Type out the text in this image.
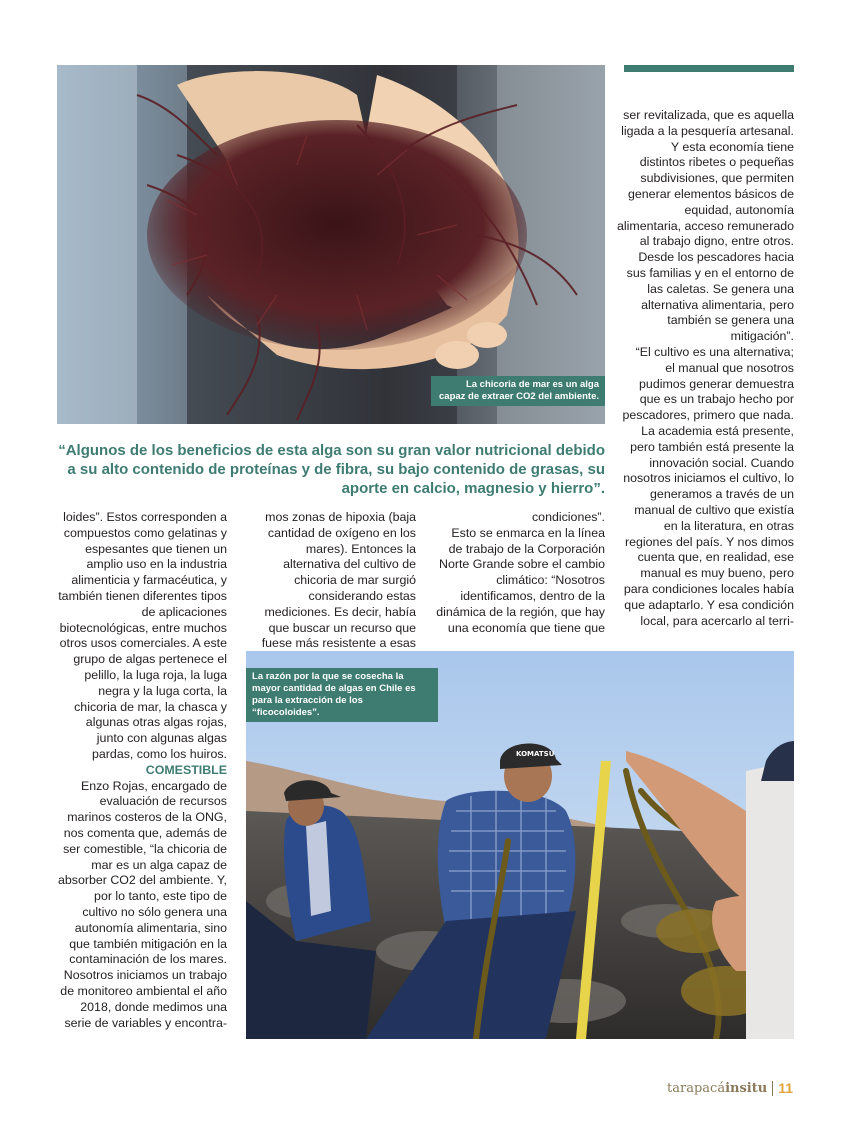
La chicoria de mar es un alga capaz de extraer CO2 del ambiente.

ser revitalizada, que es aquella ligada a la pesquería artesanal.

Y esta economía tiene distintos ribetes o pequeñas subdivisiones, que permiten generar elementos básicos de equidad, autonomía alimentaria, acceso remunerado al trabajo digno, entre otros. Desde los pescadores hacia sus familias y en el entorno de las caletas. Se genera una alternativa alimentaria, pero también se genera una mitigación”.

“El cultivo es una alternativa; el manual que nosotros pudimos generar demuestra que es un trabajo hecho por pescadores, primero que nada. La academia está presente, pero también está presente la innovación social. Cuando nosotros iniciamos el cultivo, lo generamos a través de un manual de cultivo que existía en la literatura, en otras regiones del país. Y nos dimos cuenta que, en realidad, ese manual es muy bueno, pero para condiciones locales había que adaptarlo. Y esa condición local, para acercarlo al terri-

“Algunos de los beneficios de esta alga son su gran valor nutricional debido a su alto contenido de proteínas y de fibra, su bajo contenido de grasas, su aporte en calcio, magnesio y hierro”.

loides”. Estos corresponden a compuestos como gelatinas y espesantes que tienen un amplio uso en la industria alimenticia y farmacéutica, y también tienen diferentes tipos de aplicaciones biotecnológicas, entre muchos otros usos comerciales. A este grupo de algas pertenece el pelillo, la luga roja, la luga negra y la luga corta, la chicoria de mar, la chasca y algunas otras algas rojas, junto con algunas algas pardas, como los huiros.

COMESTIBLE

Enzo Rojas, encargado de evaluación de recursos marinos costeros de la ONG, nos comenta que, además de ser comestible, “la chicoria de mar es un alga capaz de absorber CO2 del ambiente. Y, por lo tanto, este tipo de cultivo no sólo genera una autonomía alimentaria, sino que también mitigación en la contaminación de los mares. Nosotros iniciamos un trabajo de monitoreo ambiental el año 2018, donde medimos una serie de variables y encontra-

mos zonas de hipoxia (baja cantidad de oxígeno en los mares). Entonces la alternativa del cultivo de chicoria de mar surgió considerando estas mediciones. Es decir, había que buscar un recurso que fuese más resistente a esas

condiciones”.

Esto se enmarca en la línea de trabajo de la Corporación Norte Grande sobre el cambio climático: “Nosotros identificamos, dentro de la dinámica de la región, que hay una economía que tiene que

KOMATSU
La razón por la que se cosecha la mayor cantidad de algas en Chile es para la extracción de los “ficocoloides”.
tarapacáinsitu 11
